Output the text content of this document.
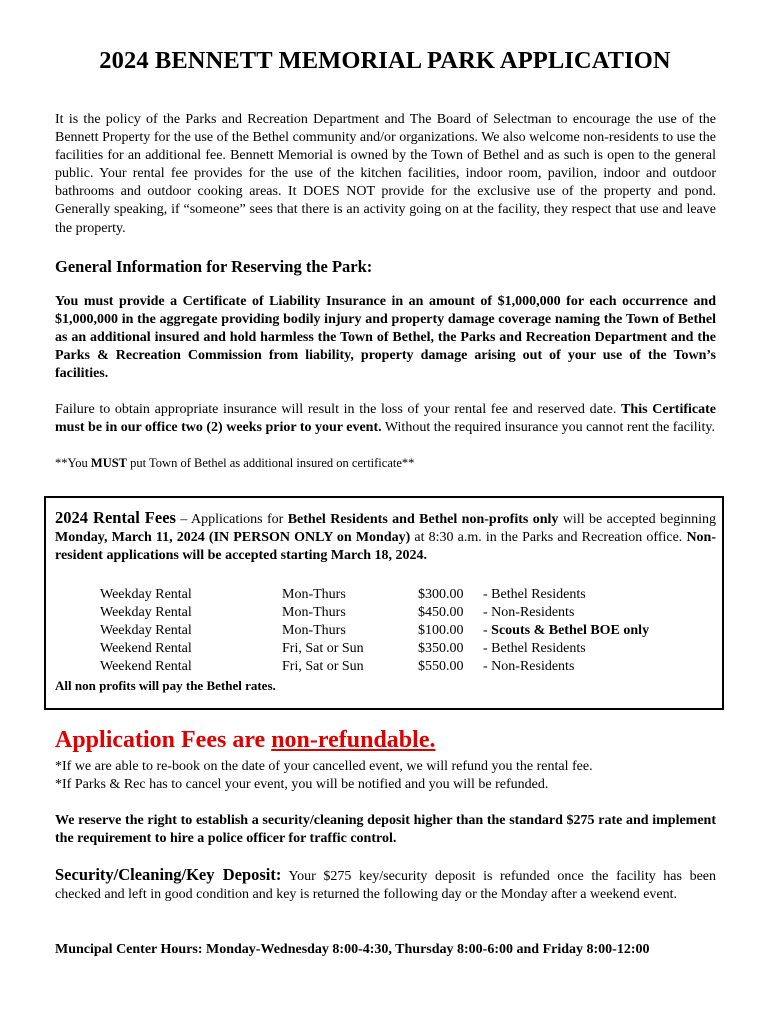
2024 BENNETT MEMORIAL PARK APPLICATION

It is the policy of the Parks and Recreation Department and The Board of Selectman to encourage the use of the Bennett Property for the use of the Bethel community and/or organizations. We also welcome non-residents to use the facilities for an additional fee. Bennett Memorial is owned by the Town of Bethel and as such is open to the general public. Your rental fee provides for the use of the kitchen facilities, indoor room, pavilion, indoor and outdoor bathrooms and outdoor cooking areas. It DOES NOT provide for the exclusive use of the property and pond. Generally speaking, if “someone” sees that there is an activity going on at the facility, they respect that use and leave the property.

General Information for Reserving the Park:

You must provide a Certificate of Liability Insurance in an amount of $1,000,000 for each occurrence and $1,000,000 in the aggregate providing bodily injury and property damage coverage naming the Town of Bethel as an additional insured and hold harmless the Town of Bethel, the Parks and Recreation Department and the Parks & Recreation Commission from liability, property damage arising out of your use of the Town’s facilities.

Failure to obtain appropriate insurance will result in the loss of your rental fee and reserved date. This Certificate must be in our office two (2) weeks prior to your event. Without the required insurance you cannot rent the facility.

**You MUST put Town of Bethel as additional insured on certificate**

2024 Rental Fees – Applications for Bethel Residents and Bethel non-profits only will be accepted beginning Monday, March 11, 2024 (IN PERSON ONLY on Monday) at 8:30 a.m. in the Parks and Recreation office. Non-resident applications will be accepted starting March 18, 2024.

Weekday Rental	Mon-Thurs	$300.00 - Bethel Residents
Weekday Rental	Mon-Thurs	$450.00 - Non-Residents
Weekday Rental	Mon-Thurs	$100.00 - Scouts & Bethel BOE only
Weekend Rental	Fri, Sat or Sun	$350.00 - Bethel Residents
Weekend Rental	Fri, Sat or Sun	$550.00 - Non-Residents

All non profits will pay the Bethel rates.

Application Fees are non-refundable.

*If we are able to re-book on the date of your cancelled event, we will refund you the rental fee.

*If Parks & Rec has to cancel your event, you will be notified and you will be refunded.

We reserve the right to establish a security/cleaning deposit higher than the standard $275 rate and implement the requirement to hire a police officer for traffic control.

Security/Cleaning/Key Deposit: Your $275 key/security deposit is refunded once the facility has been checked and left in good condition and key is returned the following day or the Monday after a weekend event.

Muncipal Center Hours: Monday-Wednesday 8:00-4:30, Thursday 8:00-6:00 and Friday 8:00-12:00
